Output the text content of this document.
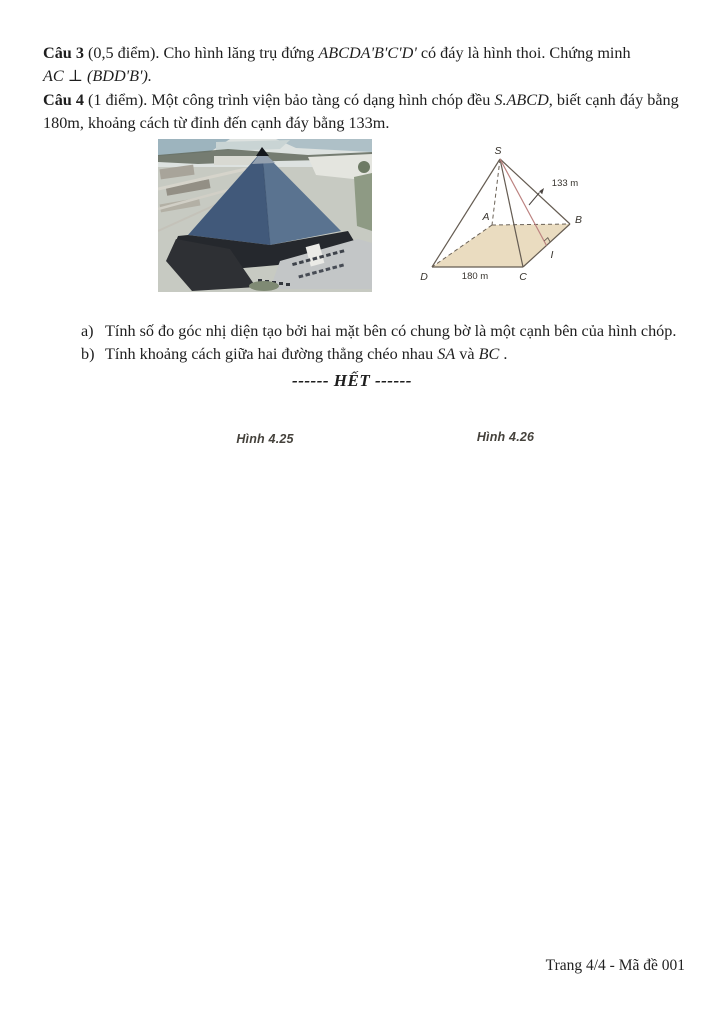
Câu 3 (0,5 điểm). Cho hình lăng trụ đứng ABCDA'B'C'D' có đáy là hình thoi. Chứng minh
AC ⊥ (BDD'B').
Câu 4 (1 điểm). Một công trình viện bảo tàng có dạng hình chóp đều S.ABCD, biết cạnh đáy bằng
180m, khoảng cách từ đỉnh đến cạnh đáy bằng 133m.
Hình 4.25
S
A	B
C
D
I
133 m
180 m
Hình 4.26
a) Tính số đo góc nhị diện tạo bởi hai mặt bên có chung bờ là một cạnh bên của hình chóp.
b) Tính khoảng cách giữa hai đường thẳng chéo nhau SA và BC .
------ HẾT ------
Trang 4/4 - Mã đề 001
